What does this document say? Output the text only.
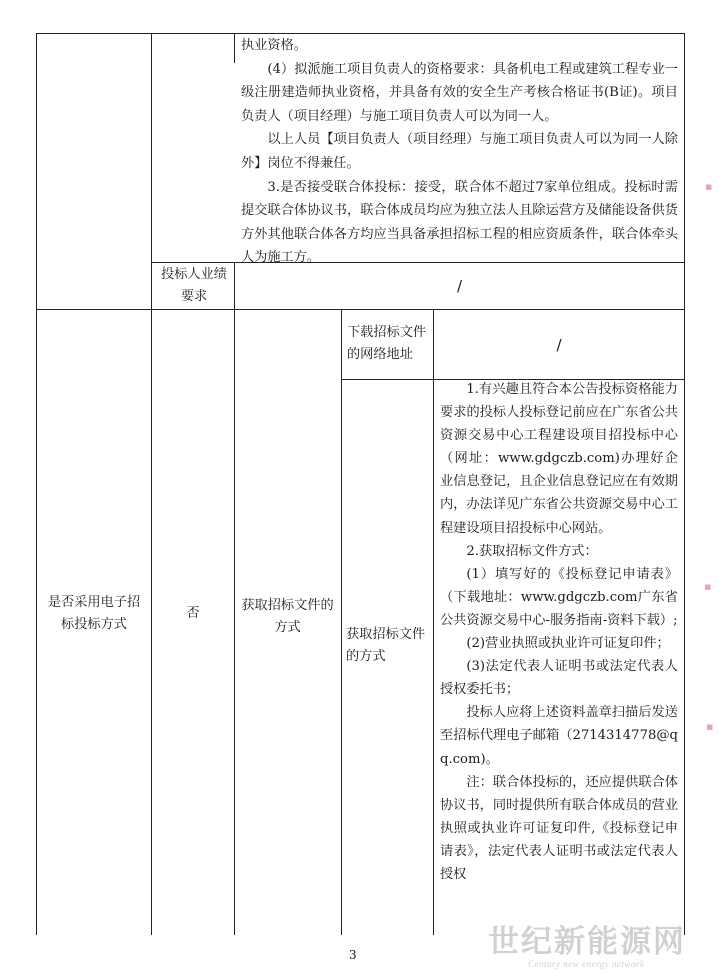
执业资格。

(4）拟派施工项目负责人的资格要求：具备机电工程或建筑工程专业一级注册建造师执业资格，并具备有效的安全生产考核合格证书(B证)。项目负责人（项目经理）与施工项目负责人可以为同一人。

以上人员【项目负责人（项目经理）与施工项目负责人可以为同一人除外】岗位不得兼任。

3.是否接受联合体投标：接受，联合体不超过7家单位组成。投标时需提交联合体协议书，联合体成员均应为独立法人且除运营方及储能设备供货方外其他联合体各方均应当具备承担招标工程的相应资质条件，联合体牵头人为施工方。

投标人业绩要求
/
是否采用电子招标投标方式
否
获取招标文件的方式
下载招标文件的网络地址
/
获取招标文件的方式

1.有兴趣且符合本公告投标资格能力要求的投标人投标登记前应在广东省公共资源交易中心工程建设项目招投标中心（网址：www.gdgczb.com)办理好企业信息登记，且企业信息登记应在有效期内，办法详见广东省公共资源交易中心工程建设项目招投标中心网站。

2.获取招标文件方式：

(1）填写好的《投标登记申请表》（下载地址：www.gdgczb.com广东省公共资源交易中心-服务指南-资料下载）;

(2)营业执照或执业许可证复印件；

(3)法定代表人证明书或法定代表人授权委托书；

投标人应将上述资料盖章扫描后发送至招标代理电子邮箱（2714314778@qq.com)。

注：联合体投标的，还应提供联合体协议书，同时提供所有联合体成员的营业执照或执业许可证复印件,《投标登记申请表》，法定代表人证明书或法定代表人授权

▪
▪
▪
3	世纪新能源网
Century new energy network
